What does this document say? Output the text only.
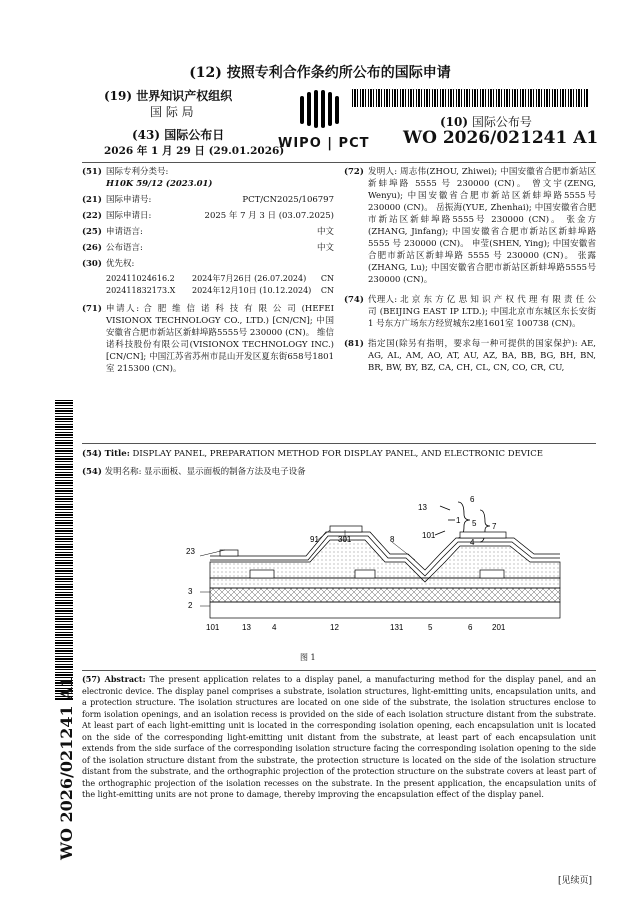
(12) 按照专利合作条约所公布的国际申请
(19) 世界知识产权组织
国 际 局
(43) 国际公布日
2026 年 1 月 29 日 (29.01.2026)
WIPO | PCT
(10) 国际公布号
WO 2026/021241 A1
(51) 国际专利分类号:
H10K 59/12 (2023.01)
(21) 国际申请号:	PCT/CN2025/106797
(22) 国际申请日:	2025 年 7 月 3 日 (03.07.2025)
(25) 申请语言:	中文
(26) 公布语言:	中文
(30) 优先权:
202411024616.2	2024年7月26日 (26.07.2024)	CN
202411832173.X	2024年12月10日 (10.12.2024)	CN
(71) 申请人: 合 肥 维 信 诺 科 技 有 限 公 司 (HEFEI VISIONOX TECHNOLOGY CO., LTD.) [CN/CN]; 中国安徽省合肥市新站区新蚌埠路5555号 230000 (CN)。 维信诺科技股份有限公司(VISIONOX TECHNOLOGY INC.) [CN/CN]; 中国江苏省苏州市昆山开发区夏东街658号1801室 215300 (CN)。
(72) 发明人: 周志伟(ZHOU, Zhiwei); 中国安徽省合肥市新站区新蚌埠路 5555 号 230000 (CN)。 曾文宇(ZENG, Wenyu); 中国安徽省合肥市新站区新蚌埠路5555号 230000 (CN)。 岳振海(YUE, Zhenhai); 中国安徽省合肥市新站区新蚌埠路5555号 230000 (CN)。 张金方(ZHANG, Jinfang); 中国安徽省合肥市新站区新蚌埠路 5555 号 230000 (CN)。 申莹(SHEN, Ying); 中国安徽省合肥市新站区新蚌埠路 5555 号 230000 (CN)。 张露(ZHANG, Lu); 中国安徽省合肥市新站区新蚌埠路5555号 230000 (CN)。
(74) 代理人: 北 京 东 方 亿 思 知 识 产 权 代 理 有 限 责 任 公 司 (BEIJING EAST IP LTD.); 中国北京市东城区东长安街 1 号东方广场东方经贸城东2座1601室 100738 (CN)。
(81) 指定国(除另有指明，要求每一种可提供的国家保护): AE, AG, AL, AM, AO, AT, AU, AZ, BA, BB, BG, BH, BN, BR, BW, BY, BZ, CA, CH, CL, CN, CO, CR, CU,
(54) Title: DISPLAY PANEL, PREPARATION METHOD FOR DISPLAY PANEL, AND ELECTRONIC DEVICE
(54) 发明名称: 显示面板、显示面板的制备方法及电子设备
13
6
1 5 7
101
4
23
91 301	8
3
2
101	13	4	12	131	5	6 201
图 1
(57) Abstract: The present application relates to a display panel, a manufacturing method for the display panel, and an electronic device. The display panel comprises a substrate, isolation structures, light-emitting units, encapsulation units, and a protection structure. The isolation structures are located on one side of the substrate, the isolation structures enclose to form isolation openings, and an isolation recess is provided on the side of each isolation structure distant from the substrate. At least part of each light-emitting unit is located in the corresponding isolation opening, each encapsulation unit is located on the side of the corresponding light-emitting unit distant from the substrate, at least part of each encapsulation unit extends from the side surface of the corresponding isolation structure facing the corresponding isolation opening to the side of the isolation structure distant from the substrate, the protection structure is located on the side of the isolation structure distant from the substrate, and the orthographic projection of the protection structure on the substrate covers at least part of the orthographic projection of the isolation recesses on the substrate. In the present application, the encapsulation units of the light-emitting units are not prone to damage, thereby improving the encapsulation effect of the display panel.
WO 2026/021241 A1
[见续页]
